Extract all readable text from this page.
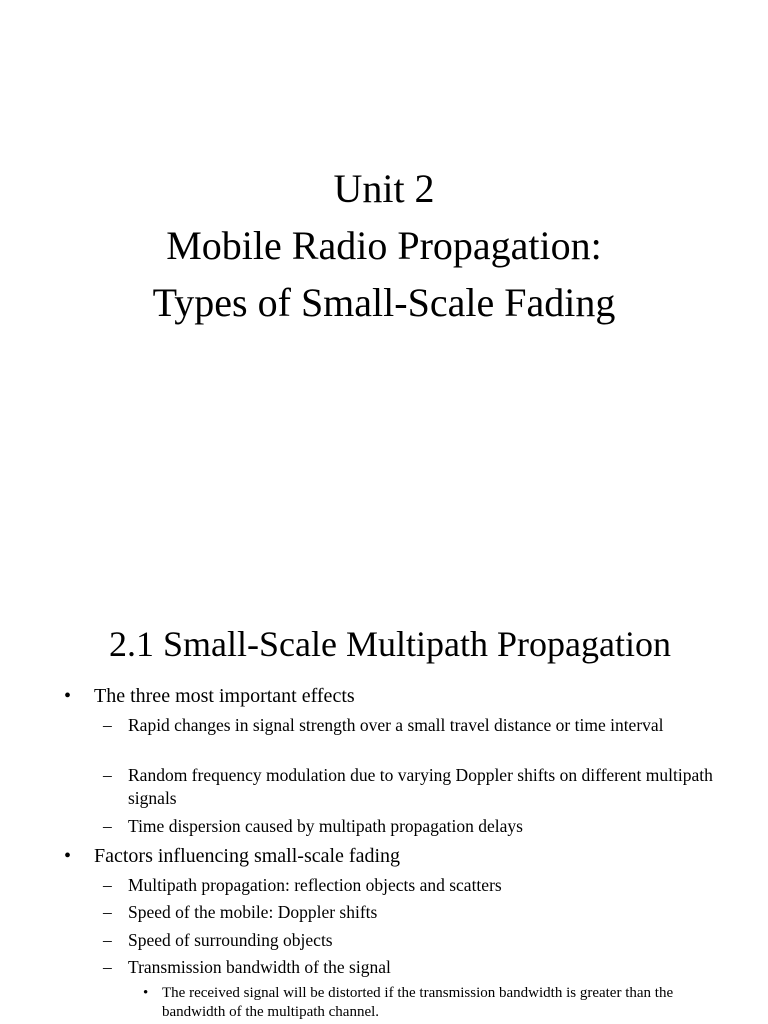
Unit 2
Mobile Radio Propagation:
Types of Small-Scale Fading
2.1 Small-Scale Multipath Propagation
• The three most important effects
– Rapid changes in signal strength over a small travel distance or time interval
– Random frequency modulation due to varying Doppler shifts on different multipath signals
– Time dispersion caused by multipath propagation delays
• Factors influencing small-scale fading
– Multipath propagation: reflection objects and scatters
– Speed of the mobile: Doppler shifts
– Speed of surrounding objects
– Transmission bandwidth of the signal
• The received signal will be distorted if the transmission bandwidth is greater than the bandwidth of the multipath channel.
